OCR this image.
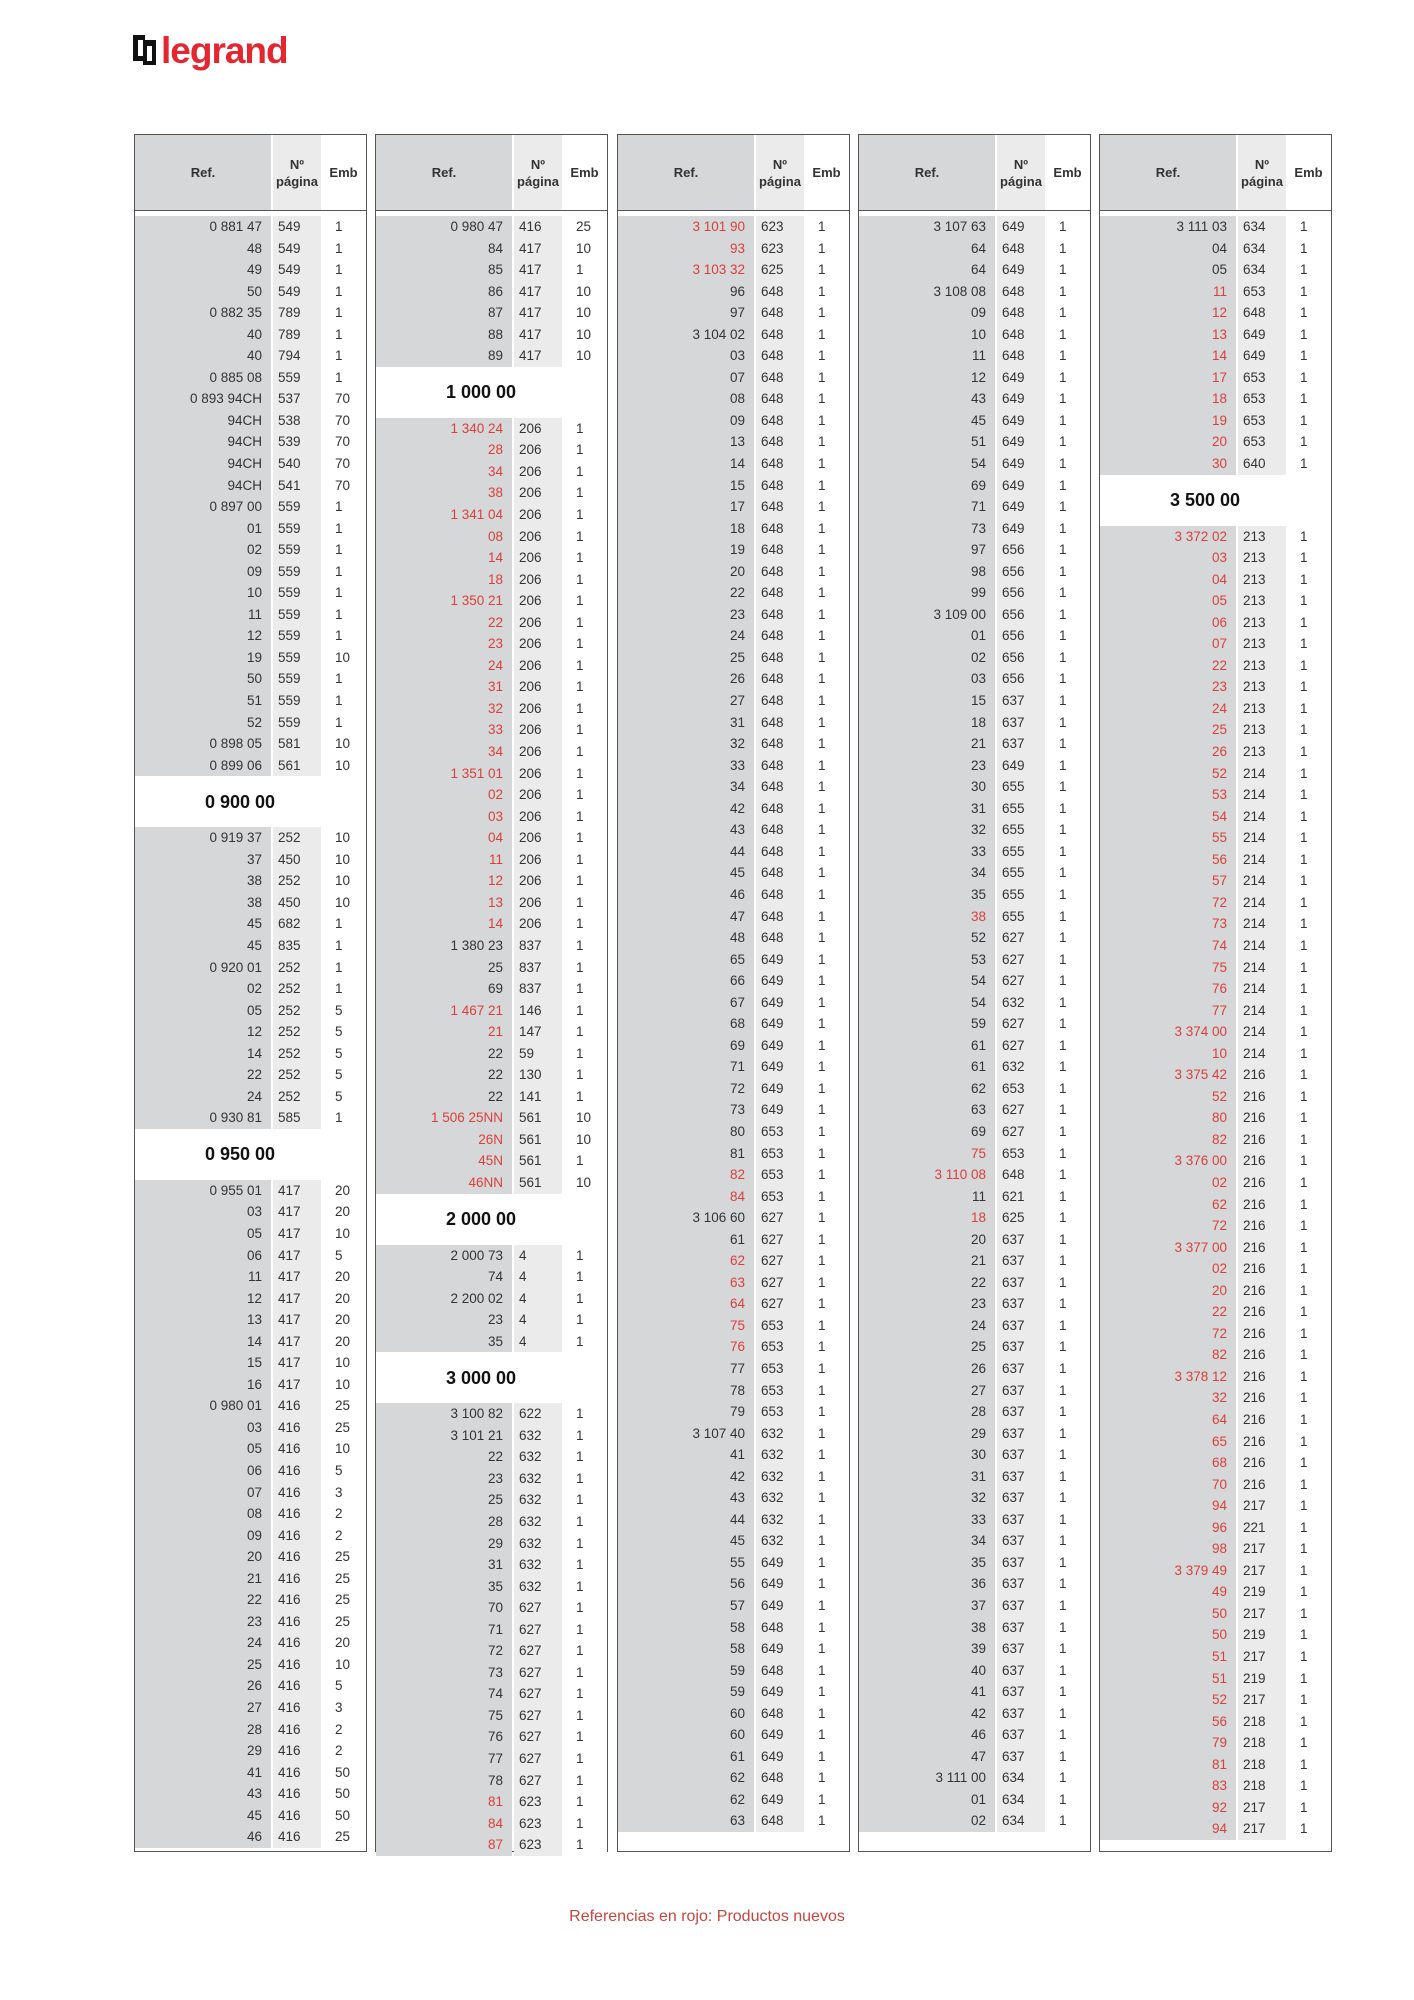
legrand
Ref.
Nº
página
Emb
0 881 47	549	1
48	549	1
49	549	1
50	549	1
0 882 35	789	1
40	789	1
40	794	1
0 885 08	559	1
0 893 94CH	537	70
94CH	538	70
94CH	539	70
94CH	540	70
94CH	541	70
0 897 00	559	1
01	559	1
02	559	1
09	559	1
10	559	1
11	559	1
12	559	1
19	559	10
50	559	1
51	559	1
52	559	1
0 898 05	581	10
0 899 06	561	10
0 900 00
0 919 37	252	10
37	450	10
38	252	10
38	450	10
45	682	1
45	835	1
0 920 01	252	1
02	252	1
05	252	5
12	252	5
14	252	5
22	252	5
24	252	5
0 930 81	585	1
0 950 00
0 955 01	417	20
03	417	20
05	417	10
06	417	5
11	417	20
12	417	20
13	417	20
14	417	20
15	417	10
16	417	10
0 980 01	416	25
03	416	25
05	416	10
06	416	5
07	416	3
08	416	2
09	416	2
20	416	25
21	416	25
22	416	25
23	416	25
24	416	20
25	416	10
26	416	5
27	416	3
28	416	2
29	416	2
41	416	50
43	416	50
45	416	50
46	416	25
Ref.
Nº
página
Emb
0 980 47	416	25
84	417	10
85	417	1
86	417	10
87	417	10
88	417	10
89	417	10
1 000 00
1 340 24	206	1
28	206	1
34	206	1
38	206	1
1 341 04	206	1
08	206	1
14	206	1
18	206	1
1 350 21	206	1
22	206	1
23	206	1
24	206	1
31	206	1
32	206	1
33	206	1
34	206	1
1 351 01	206	1
02	206	1
03	206	1
04	206	1
11	206	1
12	206	1
13	206	1
14	206	1
1 380 23	837	1
25	837	1
69	837	1
1 467 21	146	1
21	147	1
22	59	1
22	130	1
22	141	1
1 506 25NN	561	10
26N	561	10
45N	561	1
46NN	561	10
2 000 00
2 000 73	4	1
74	4	1
2 200 02	4	1
23	4	1
35	4	1
3 000 00
3 100 82	622	1
3 101 21	632	1
22	632	1
23	632	1
25	632	1
28	632	1
29	632	1
31	632	1
35	632	1
70	627	1
71	627	1
72	627	1
73	627	1
74	627	1
75	627	1
76	627	1
77	627	1
78	627	1
81	623	1
84	623	1
87	623	1
Ref.
Nº
página
Emb
3 101 90	623	1
93	623	1
3 103 32	625	1
96	648	1
97	648	1
3 104 02	648	1
03	648	1
07	648	1
08	648	1
09	648	1
13	648	1
14	648	1
15	648	1
17	648	1
18	648	1
19	648	1
20	648	1
22	648	1
23	648	1
24	648	1
25	648	1
26	648	1
27	648	1
31	648	1
32	648	1
33	648	1
34	648	1
42	648	1
43	648	1
44	648	1
45	648	1
46	648	1
47	648	1
48	648	1
65	649	1
66	649	1
67	649	1
68	649	1
69	649	1
71	649	1
72	649	1
73	649	1
80	653	1
81	653	1
82	653	1
84	653	1
3 106 60	627	1
61	627	1
62	627	1
63	627	1
64	627	1
75	653	1
76	653	1
77	653	1
78	653	1
79	653	1
3 107 40	632	1
41	632	1
42	632	1
43	632	1
44	632	1
45	632	1
55	649	1
56	649	1
57	649	1
58	648	1
58	649	1
59	648	1
59	649	1
60	648	1
60	649	1
61	649	1
62	648	1
62	649	1
63	648	1
Ref.
Nº
página
Emb
3 107 63	649	1
64	648	1
64	649	1
3 108 08	648	1
09	648	1
10	648	1
11	648	1
12	649	1
43	649	1
45	649	1
51	649	1
54	649	1
69	649	1
71	649	1
73	649	1
97	656	1
98	656	1
99	656	1
3 109 00	656	1
01	656	1
02	656	1
03	656	1
15	637	1
18	637	1
21	637	1
23	649	1
30	655	1
31	655	1
32	655	1
33	655	1
34	655	1
35	655	1
38	655	1
52	627	1
53	627	1
54	627	1
54	632	1
59	627	1
61	627	1
61	632	1
62	653	1
63	627	1
69	627	1
75	653	1
3 110 08	648	1
11	621	1
18	625	1
20	637	1
21	637	1
22	637	1
23	637	1
24	637	1
25	637	1
26	637	1
27	637	1
28	637	1
29	637	1
30	637	1
31	637	1
32	637	1
33	637	1
34	637	1
35	637	1
36	637	1
37	637	1
38	637	1
39	637	1
40	637	1
41	637	1
42	637	1
46	637	1
47	637	1
3 111 00	634	1
01	634	1
02	634	1
Ref.
Nº
página
Emb
3 111 03	634	1
04	634	1
05	634	1
11	653	1
12	648	1
13	649	1
14	649	1
17	653	1
18	653	1
19	653	1
20	653	1
30	640	1
3 500 00
3 372 02	213	1
03	213	1
04	213	1
05	213	1
06	213	1
07	213	1
22	213	1
23	213	1
24	213	1
25	213	1
26	213	1
52	214	1
53	214	1
54	214	1
55	214	1
56	214	1
57	214	1
72	214	1
73	214	1
74	214	1
75	214	1
76	214	1
77	214	1
3 374 00	214	1
10	214	1
3 375 42	216	1
52	216	1
80	216	1
82	216	1
3 376 00	216	1
02	216	1
62	216	1
72	216	1
3 377 00	216	1
02	216	1
20	216	1
22	216	1
72	216	1
82	216	1
3 378 12	216	1
32	216	1
64	216	1
65	216	1
68	216	1
70	216	1
94	217	1
96	221	1
98	217	1
3 379 49	217	1
49	219	1
50	217	1
50	219	1
51	217	1
51	219	1
52	217	1
56	218	1
79	218	1
81	218	1
83	218	1
92	217	1
94	217	1
Referencias en rojo: Productos nuevos
